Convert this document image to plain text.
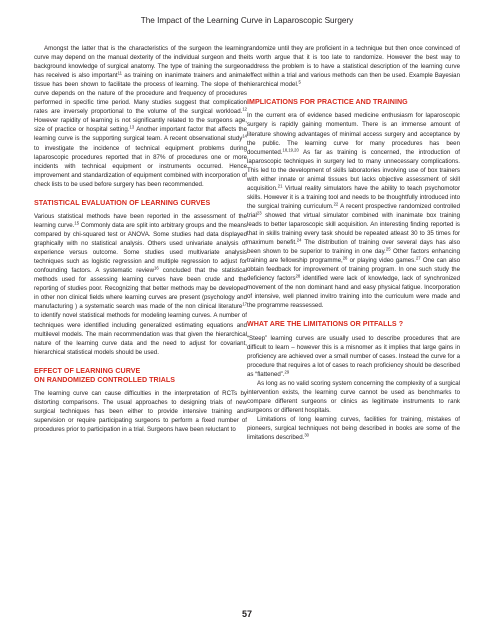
The Impact of the Learning Curve in Laparoscopic Surgery

Amongst the latter that is the characteristics of the surgeon the learning curve may depend on the manual dexterity of the individual surgeon and the background knowledge of surgical anatomy. The type of training the surgeon has received is also important$^{11}$ as training on inanimate trainers and animal tissue has been shown to facilitate the process of learning. The slope of the curve depends on the nature of the procedure and frequency of procedures performed in specific time period. Many studies suggest that complication rates are inversely proportional to the volume of the surgical workload.$^{12}$ However rapidity of learning is not significantly related to the surgeons age, size of practice or hospital setting.$^{13}$ Another important factor that affects the learning curve is the supporting surgical team. A recent observational study$^{14}$ to investigate the incidence of technical equipment problems during laparoscopic procedures reported that in 87% of procedures one or more incidents with technical equipment or instruments occurred. Hence improvement and standardization of equipment combined with incorporation of check lists to be used before surgery has been recommended.

STATISTICAL EVALUATION OF LEARNING CURVES

Various statistical methods have been reported in the assessment of the learning curve.$^{15}$ Commonly data are split into arbitrary groups and the means compared by chi-squared test or ANOVA. Some studies had data displayed graphically with no statistical analysis. Others used univariate analysis of experience versus outcome. Some studies used multivariate analysis techniques such as logistic regression and multiple regression to adjust for confounding factors. A systematic review$^{16}$ concluded that the statistical methods used for assessing learning curves have been crude and the reporting of studies poor. Recognizing that better methods may be developed in other non clinical fields where learning curves are present (psychology and manufacturing ) a systematic search was made of the non clinical literature$^{17}$ to identify novel statistical methods for modeling learning curves. A number of techniques were identified including generalized estimating equations and multilevel models. The main recommendation was that given the hierarchical nature of the learning curve data and the need to adjust for covariant, hierarchical statistical models should be used.

EFFECT OF LEARNING CURVE
ON RANDOMIZED CONTROLLED TRIALS

The learning curve can cause difficulties in the interpretation of RCTs by distorting comparisons. The usual approaches to designing trials of new surgical techniques has been either to provide intensive training and supervision or require participating surgeons to perform a fixed number of procedures prior to participation in a trial. Surgeons have been reluctant to

randomize until they are proficient in a technique but then once convinced of its worth argue that it is too late to randomize. However the best way to address the problem is to have a statistical description of the learning curve effect within a trial and various methods can then be used. Example Bayesian hierarchical model.$^5$

IMPLICATIONS FOR PRACTICE AND TRAINING

In the current era of evidence based medicine enthusiasm for laparoscopic surgery is rapidly gaining momentum. There is an immense amount of literature showing advantages of minimal access surgery and acceptance by the public. The learning curve for many procedures has been documented.$^{18,19,20}$ As far as training is concerned, the introduction of laparoscopic techniques in surgery led to many unnecessary complications. This led to the development of skills laboratories involving use of box trainers with either innate or animal tissues but lacks objective assessment of skill acquisition.$^{21}$ Virtual reality simulators have the ability to teach psychomotor skills. However it is a training tool and needs to be thoughtfully introduced into the surgical training curriculum.$^{22}$ A recent prospective randomized controlled trial$^{23}$ showed that virtual simulator combined with inanimate box training leads to better laparoscopic skill acquisition. An interesting finding reported is that in skills training every task should be repeated atleast 30 to 35 times for maximum benefit.$^{24}$ The distribution of training over several days has also been shown to be superior to training in one day.$^{25}$ Other factors enhancing training are fellowship programme,$^{26}$ or playing video games.$^{27}$ One can also obtain feedback for improvement of training program. In one such study the deficiency factors$^{28}$ identified were lack of knowledge, lack of synchronized movement of the non dominant hand and easy physical fatigue. Incorporation of intensive, well planned invitro training into the curriculum were made and the programme reassessed.

WHAT ARE THE LIMITATIONS OR PITFALLS ?

“Steep” learning curves are usually used to describe procedures that are difficult to learn – however this is a misnomer as it implies that large gains in proficiency are achieved over a small number of cases. Instead the curve for a procedure that requires a lot of cases to reach proficiency should be described as “flattened”.$^{29}$

As long as no valid scoring system concerning the complexity of a surgical intervention exists, the learning curve cannot be used as benchmarks to compare different surgeons or clinics as legitimate instruments to rank surgeons or different hospitals.

Limitations of long learning curves, facilities for training, mistakes of pioneers, surgical techniques not being described in books are some of the limitations described.$^{30}$

57
